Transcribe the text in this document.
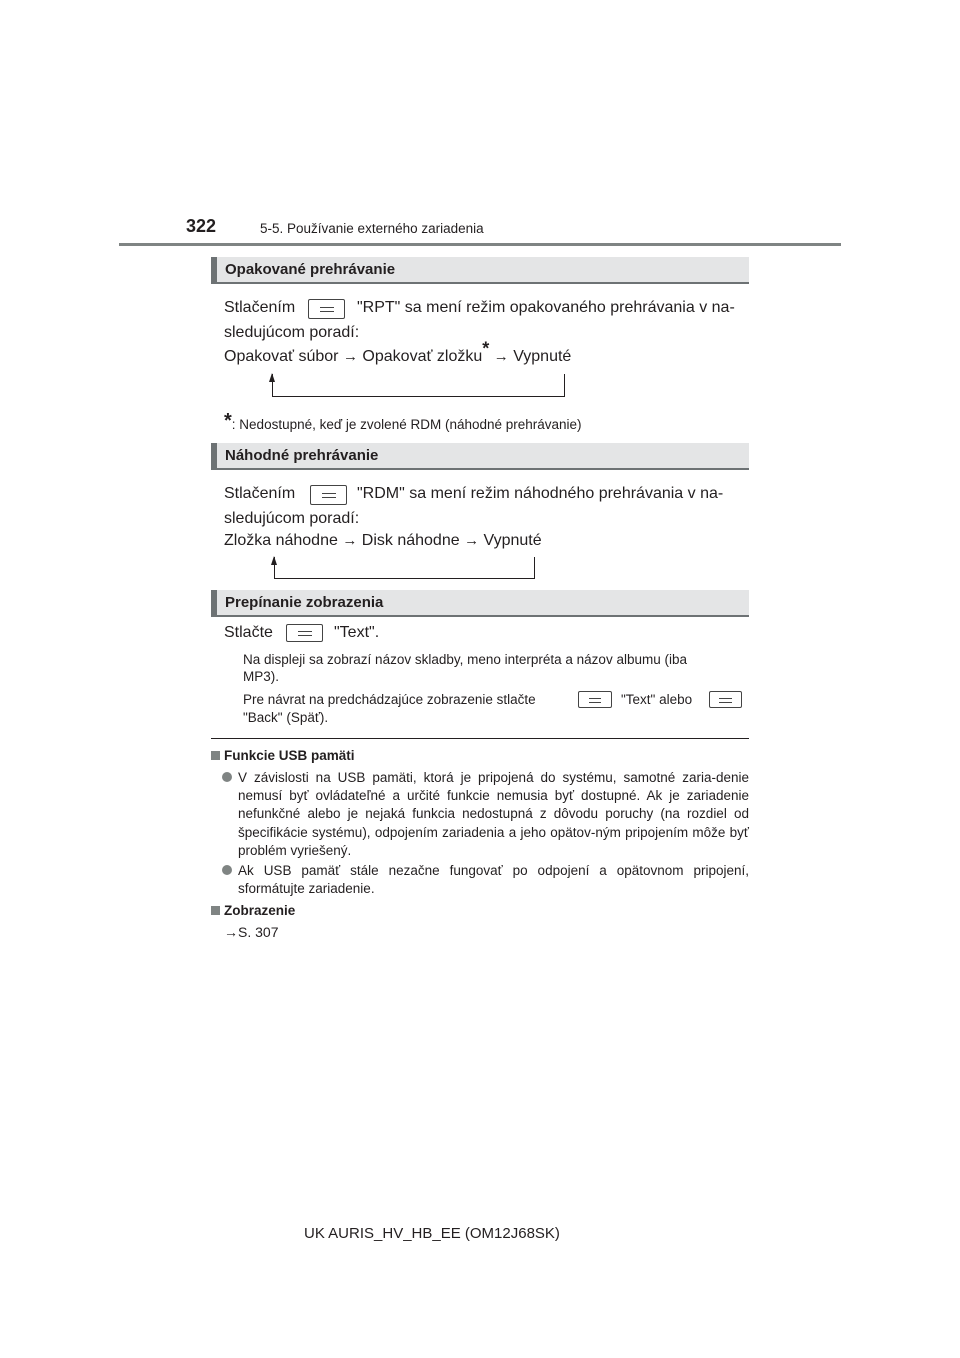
322	5-5. Používanie externého zariadenia
Opakované prehrávanie
Stlačením	"RPT" sa mení režim opakovaného prehrávania v na-
sledujúcom poradí:
Opakovať súbor → Opakovať zložku* → Vypnuté
*: Nedostupné, keď je zvolené RDM (náhodné prehrávanie)
Náhodné prehrávanie
Stlačením	"RDM" sa mení režim náhodného prehrávania v na-
sledujúcom poradí:
Zložka náhodne → Disk náhodne → Vypnuté
Prepínanie zobrazenia
Stlačte	"Text".
Na displeji sa zobrazí názov skladby, meno interpréta a názov albumu (iba
MP3).
Pre návrat na predchádzajúce zobrazenie stlačte	"Text" alebo
"Back" (Späť).
Funkcie USB pamäti
V závislosti na USB pamäti, ktorá je pripojená do systému, samotné zaria-denie nemusí byť ovládateľné a určité funkcie nemusia byť dostupné. Ak je zariadenie nefunkčné alebo je nejaká funkcia nedostupná z dôvodu poruchy (na rozdiel od špecifikácie systému), odpojením zariadenia a jeho opätov-ným pripojením môže byť problém vyriešený.
Ak USB pamäť stále nezačne fungovať po odpojení a opätovnom pripojení, sformátujte zariadenie.
Zobrazenie
→S. 307
UK AURIS_HV_HB_EE (OM12J68SK)
